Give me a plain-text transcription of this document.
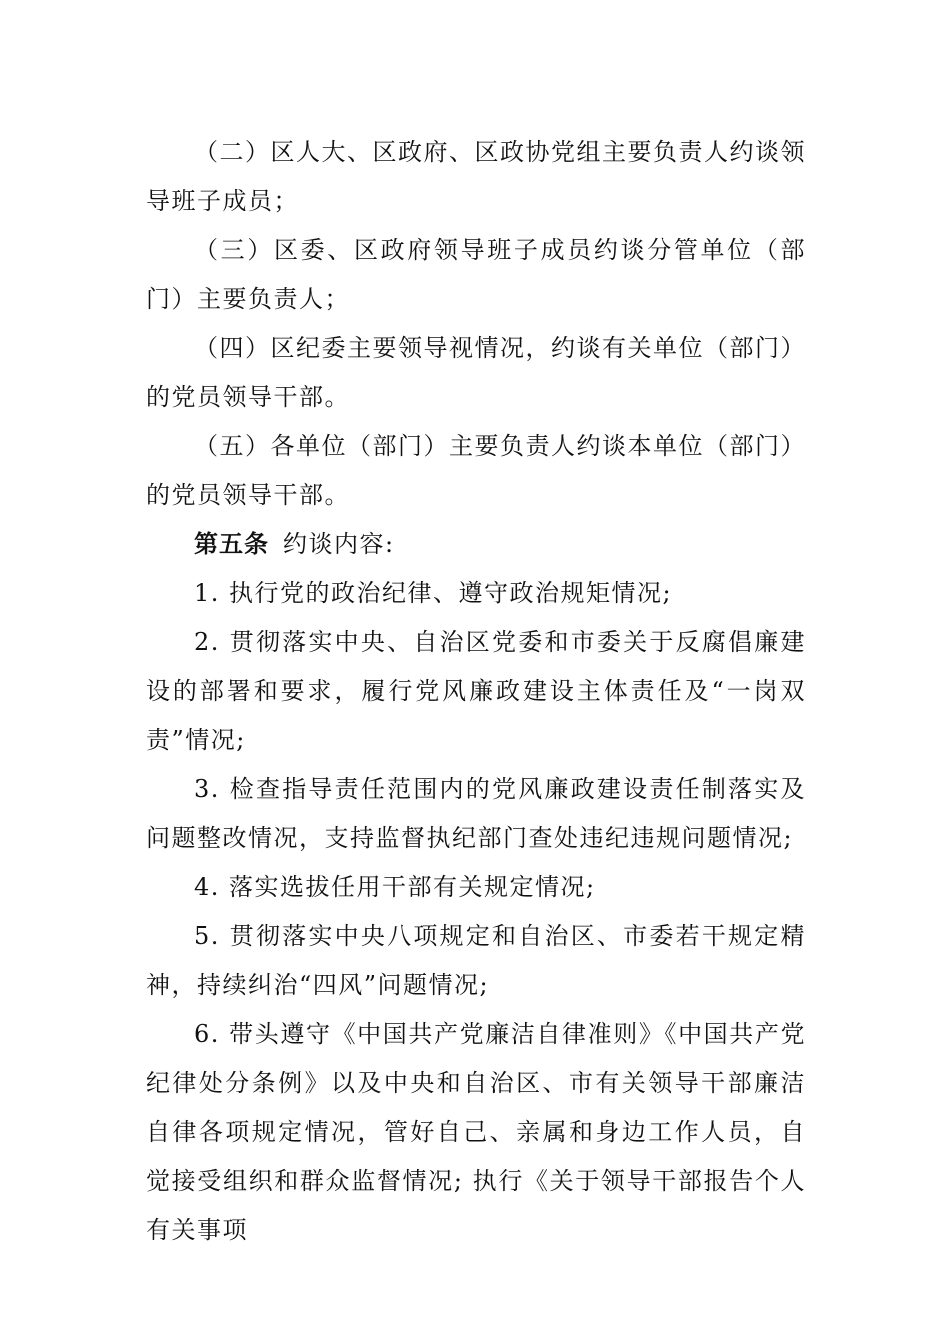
（二）区人大、区政府、区政协党组主要负责人约谈领导班子成员；

（三）区委、区政府领导班子成员约谈分管单位（部门）主要负责人；

（四）区纪委主要领导视情况，约谈有关单位（部门）的党员领导干部。

（五）各单位（部门）主要负责人约谈本单位（部门）的党员领导干部。

第五条 约谈内容:

1. 执行党的政治纪律、遵守政治规矩情况;

2. 贯彻落实中央、自治区党委和市委关于反腐倡廉建设的部署和要求，履行党风廉政建设主体责任及“一岗双责”情况;

3. 检查指导责任范围内的党风廉政建设责任制落实及问题整改情况，支持监督执纪部门查处违纪违规问题情况;

4. 落实选拔任用干部有关规定情况;

5. 贯彻落实中央八项规定和自治区、市委若干规定精神，持续纠治“四风”问题情况;

6. 带头遵守《中国共产党廉洁自律准则》《中国共产党纪律处分条例》以及中央和自治区、市有关领导干部廉洁自律各项规定情况，管好自己、亲属和身边工作人员，自觉接受组织和群众监督情况; 执行《关于领导干部报告个人有关事项
